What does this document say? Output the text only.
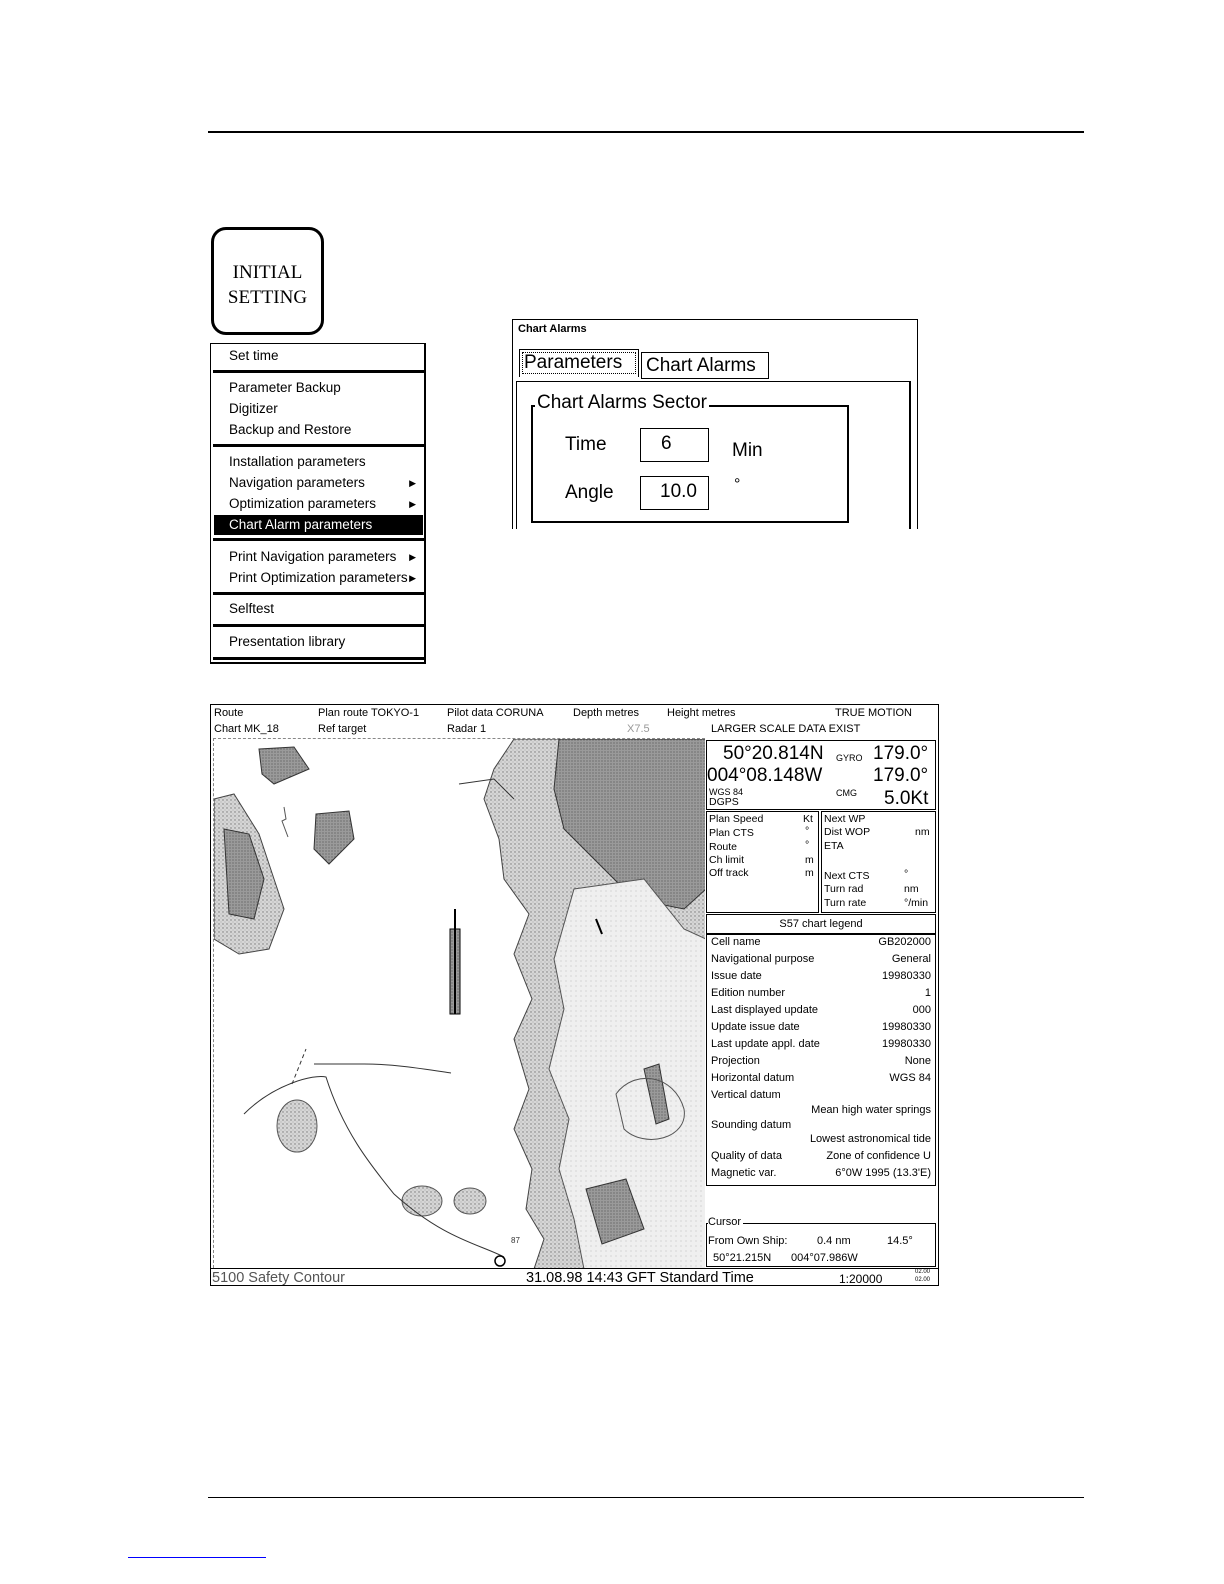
INITIAL
SETTING
Set time
Parameter Backup
Digitizer
Backup and Restore
Installation parameters
Navigation parameters	▶
Optimization parameters	▶
Chart Alarm parameters
Print Navigation parameters ▶
Print Optimization parameters ▶
Selftest
Presentation library
Chart Alarms
Parameters	Chart Alarms
Chart Alarms Sector
Time	6	Min
Angle	10.0	°
Route	Plan route TOKYO-1	Pilot data CORUNA	Depth metres	Height metres	TRUE MOTION
Chart MK_18	Ref target	Radar 1	X7.5	LARGER SCALE DATA EXIST
87
50°20.814N
004°08.148W
WGS 84
DGPS
GYRO 179.0°
179.0°
CMG 5.0Kt
Plan Speed	Kt
Plan CTS	°
Route	°
Ch limit	m
Off track	m
Next WP
Dist WOP	nm
ETA
Next CTS	°
Turn rad	nm
Turn rate	°/min
S57 chart legend
Cell name	GB202000
Navigational purpose	General
Issue date	19980330
Edition number	1
Last displayed update	000
Update issue date	19980330
Last update appl. date	19980330
Projection	None
Horizontal datum	WGS 84
Vertical datum
Mean high water springs
Sounding datum
Lowest astronomical tide
Quality of data	Zone of confidence U
Magnetic var.	6°0W 1995 (13.3'E)
From Own Ship:	0.4 nm	14.5°
50°21.215N 004°07.986W
Cursor
5100 Safety Contour	31.08.98 14:43 GFT Standard Time	1:20000	02.00
02.00
